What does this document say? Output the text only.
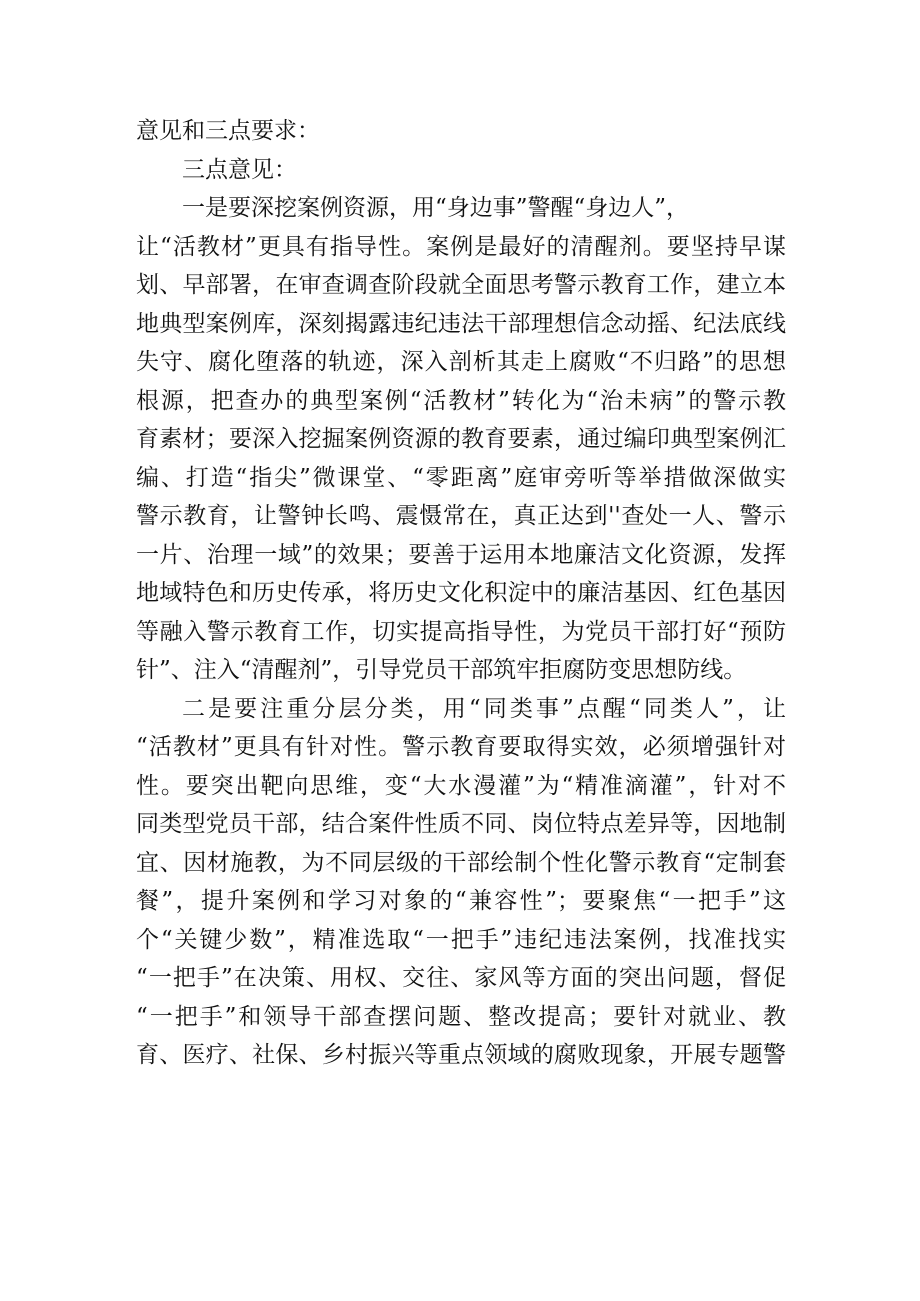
意见和三点要求：
三点意见：
一是要深挖案例资源，用“身边事”警醒“身边人”，
让“活教材”更具有指导性。案例是最好的清醒剂。要坚持早谋
划、早部署，在审查调查阶段就全面思考警示教育工作，建立本
地典型案例库，深刻揭露违纪违法干部理想信念动摇、纪法底线
失守、腐化堕落的轨迹，深入剖析其走上腐败“不归路”的思想
根源，把查办的典型案例“活教材”转化为“治未病”的警示教
育素材；要深入挖掘案例资源的教育要素，通过编印典型案例汇
编、打造“指尖”微课堂、“零距离”庭审旁听等举措做深做实
警示教育，让警钟长鸣、震慑常在，真正达到''查处一人、警示
一片、治理一域”的效果；要善于运用本地廉洁文化资源，发挥
地域特色和历史传承，将历史文化积淀中的廉洁基因、红色基因
等融入警示教育工作，切实提高指导性，为党员干部打好“预防
针”、注入“清醒剂”，引导党员干部筑牢拒腐防变思想防线。
二是要注重分层分类，用“同类事”点醒“同类人”，让
“活教材”更具有针对性。警示教育要取得实效，必须增强针对
性。要突出靶向思维，变“大水漫灌”为“精准滴灌”，针对不
同类型党员干部，结合案件性质不同、岗位特点差异等，因地制
宜、因材施教，为不同层级的干部绘制个性化警示教育“定制套
餐”，提升案例和学习对象的“兼容性”；要聚焦“一把手”这
个“关键少数”，精准选取“一把手”违纪违法案例，找准找实
“一把手”在决策、用权、交往、家风等方面的突出问题，督促
“一把手”和领导干部查摆问题、整改提高；要针对就业、教
育、医疗、社保、乡村振兴等重点领域的腐败现象，开展专题警
